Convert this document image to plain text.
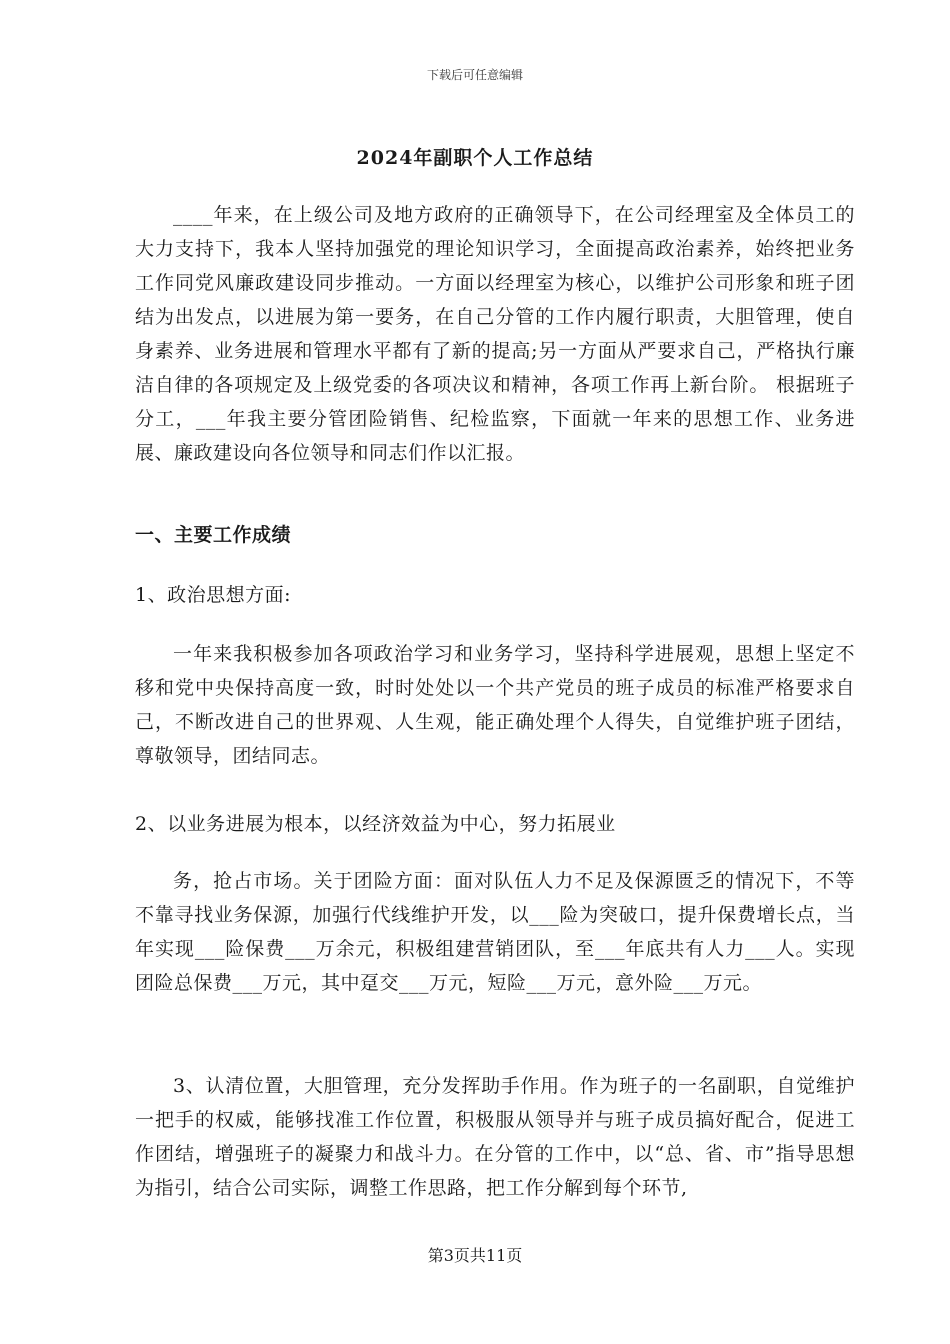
下载后可任意编辑
2024年副职个人工作总结
____年来，在上级公司及地方政府的正确领导下，在公司经理室及全体员工的大力支持下，我本人坚持加强党的理论知识学习，全面提高政治素养，始终把业务工作同党风廉政建设同步推动。一方面以经理室为核心，以维护公司形象和班子团结为出发点，以进展为第一要务，在自己分管的工作内履行职责，大胆管理，使自身素养、业务进展和管理水平都有了新的提高;另一方面从严要求自己，严格执行廉洁自律的各项规定及上级党委的各项决议和精神，各项工作再上新台阶。 根据班子分工，___年我主要分管团险销售、纪检监察，下面就一年来的思想工作、业务进展、廉政建设向各位领导和同志们作以汇报。
一、主要工作成绩
1、政治思想方面:
一年来我积极参加各项政治学习和业务学习，坚持科学进展观，思想上坚定不移和党中央保持高度一致，时时处处以一个共产党员的班子成员的标准严格要求自己，不断改进自己的世界观、人生观，能正确处理个人得失，自觉维护班子团结，尊敬领导，团结同志。
2、以业务进展为根本，以经济效益为中心，努力拓展业
务，抢占市场。关于团险方面：面对队伍人力不足及保源匮乏的情况下，不等不靠寻找业务保源，加强行代线维护开发，以___险为突破口，提升保费增长点，当年实现___险保费___万余元，积极组建营销团队，至___年底共有人力___人。实现团险总保费___万元，其中趸交___万元，短险___万元，意外险___万元。
3、认清位置，大胆管理，充分发挥助手作用。作为班子的一名副职，自觉维护一把手的权威，能够找准工作位置，积极服从领导并与班子成员搞好配合，促进工作团结，增强班子的凝聚力和战斗力。在分管的工作中，以“总、省、市”指导思想为指引，结合公司实际，调整工作思路，把工作分解到每个环节,
第3页共11页
